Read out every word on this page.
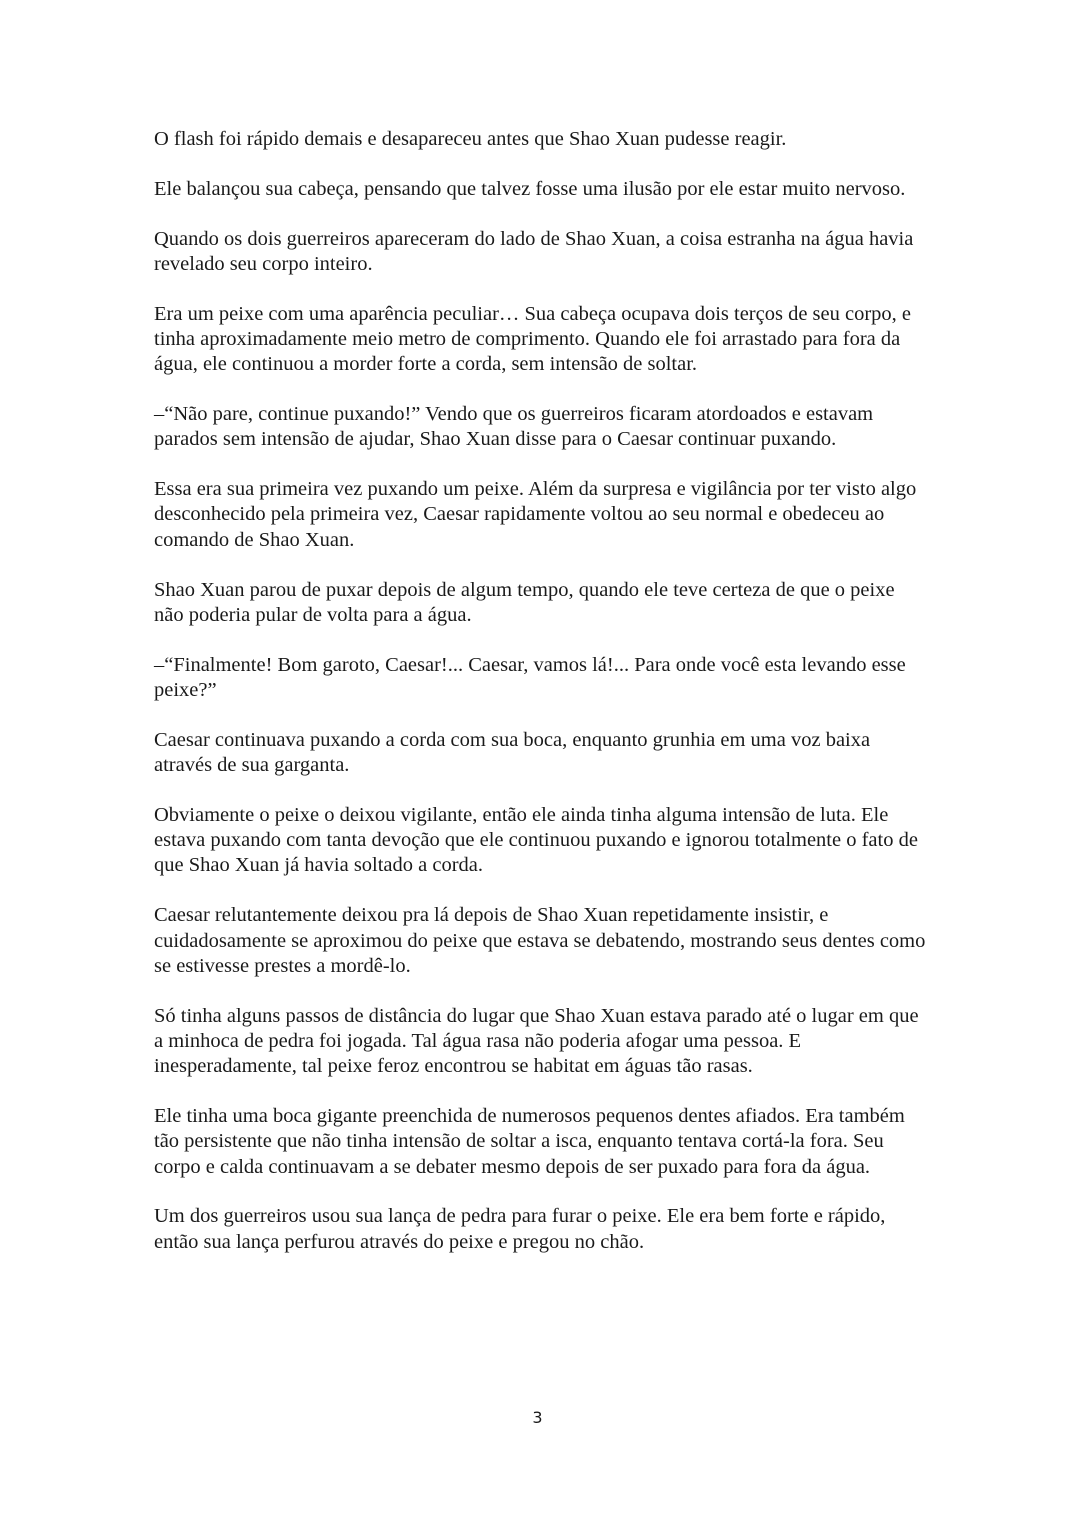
O flash foi rápido demais e desapareceu antes que Shao Xuan pudesse reagir.

Ele balançou sua cabeça, pensando que talvez fosse uma ilusão por ele estar muito nervoso.

Quando os dois guerreiros apareceram do lado de Shao Xuan, a coisa estranha na água havia revelado seu corpo inteiro.

Era um peixe com uma aparência peculiar… Sua cabeça ocupava dois terços de seu corpo, e tinha aproximadamente meio metro de comprimento. Quando ele foi arrastado para fora da água, ele continuou a morder forte a corda, sem intensão de soltar.

–“Não pare, continue puxando!” Vendo que os guerreiros ficaram atordoados e estavam parados sem intensão de ajudar, Shao Xuan disse para o Caesar continuar puxando.

Essa era sua primeira vez puxando um peixe. Além da surpresa e vigilância por ter visto algo desconhecido pela primeira vez, Caesar rapidamente voltou ao seu normal e obedeceu ao comando de Shao Xuan.

Shao Xuan parou de puxar depois de algum tempo, quando ele teve certeza de que o peixe não poderia pular de volta para a água.

–“Finalmente! Bom garoto, Caesar!... Caesar, vamos lá!... Para onde você esta levando esse peixe?”

Caesar continuava puxando a corda com sua boca, enquanto grunhia em uma voz baixa através de sua garganta.

Obviamente o peixe o deixou vigilante, então ele ainda tinha alguma intensão de luta. Ele estava puxando com tanta devoção que ele continuou puxando e ignorou totalmente o fato de que Shao Xuan já havia soltado a corda.

Caesar relutantemente deixou pra lá depois de Shao Xuan repetidamente insistir, e cuidadosamente se aproximou do peixe que estava se debatendo, mostrando seus dentes como se estivesse prestes a mordê-lo.

Só tinha alguns passos de distância do lugar que Shao Xuan estava parado até o lugar em que a minhoca de pedra foi jogada. Tal água rasa não poderia afogar uma pessoa. E inesperadamente, tal peixe feroz encontrou se habitat em águas tão rasas.

Ele tinha uma boca gigante preenchida de numerosos pequenos dentes afiados. Era também tão persistente que não tinha intensão de soltar a isca, enquanto tentava cortá-la fora. Seu corpo e calda continuavam a se debater mesmo depois de ser puxado para fora da água.

Um dos guerreiros usou sua lança de pedra para furar o peixe. Ele era bem forte e rápido, então sua lança perfurou através do peixe e pregou no chão.

3
